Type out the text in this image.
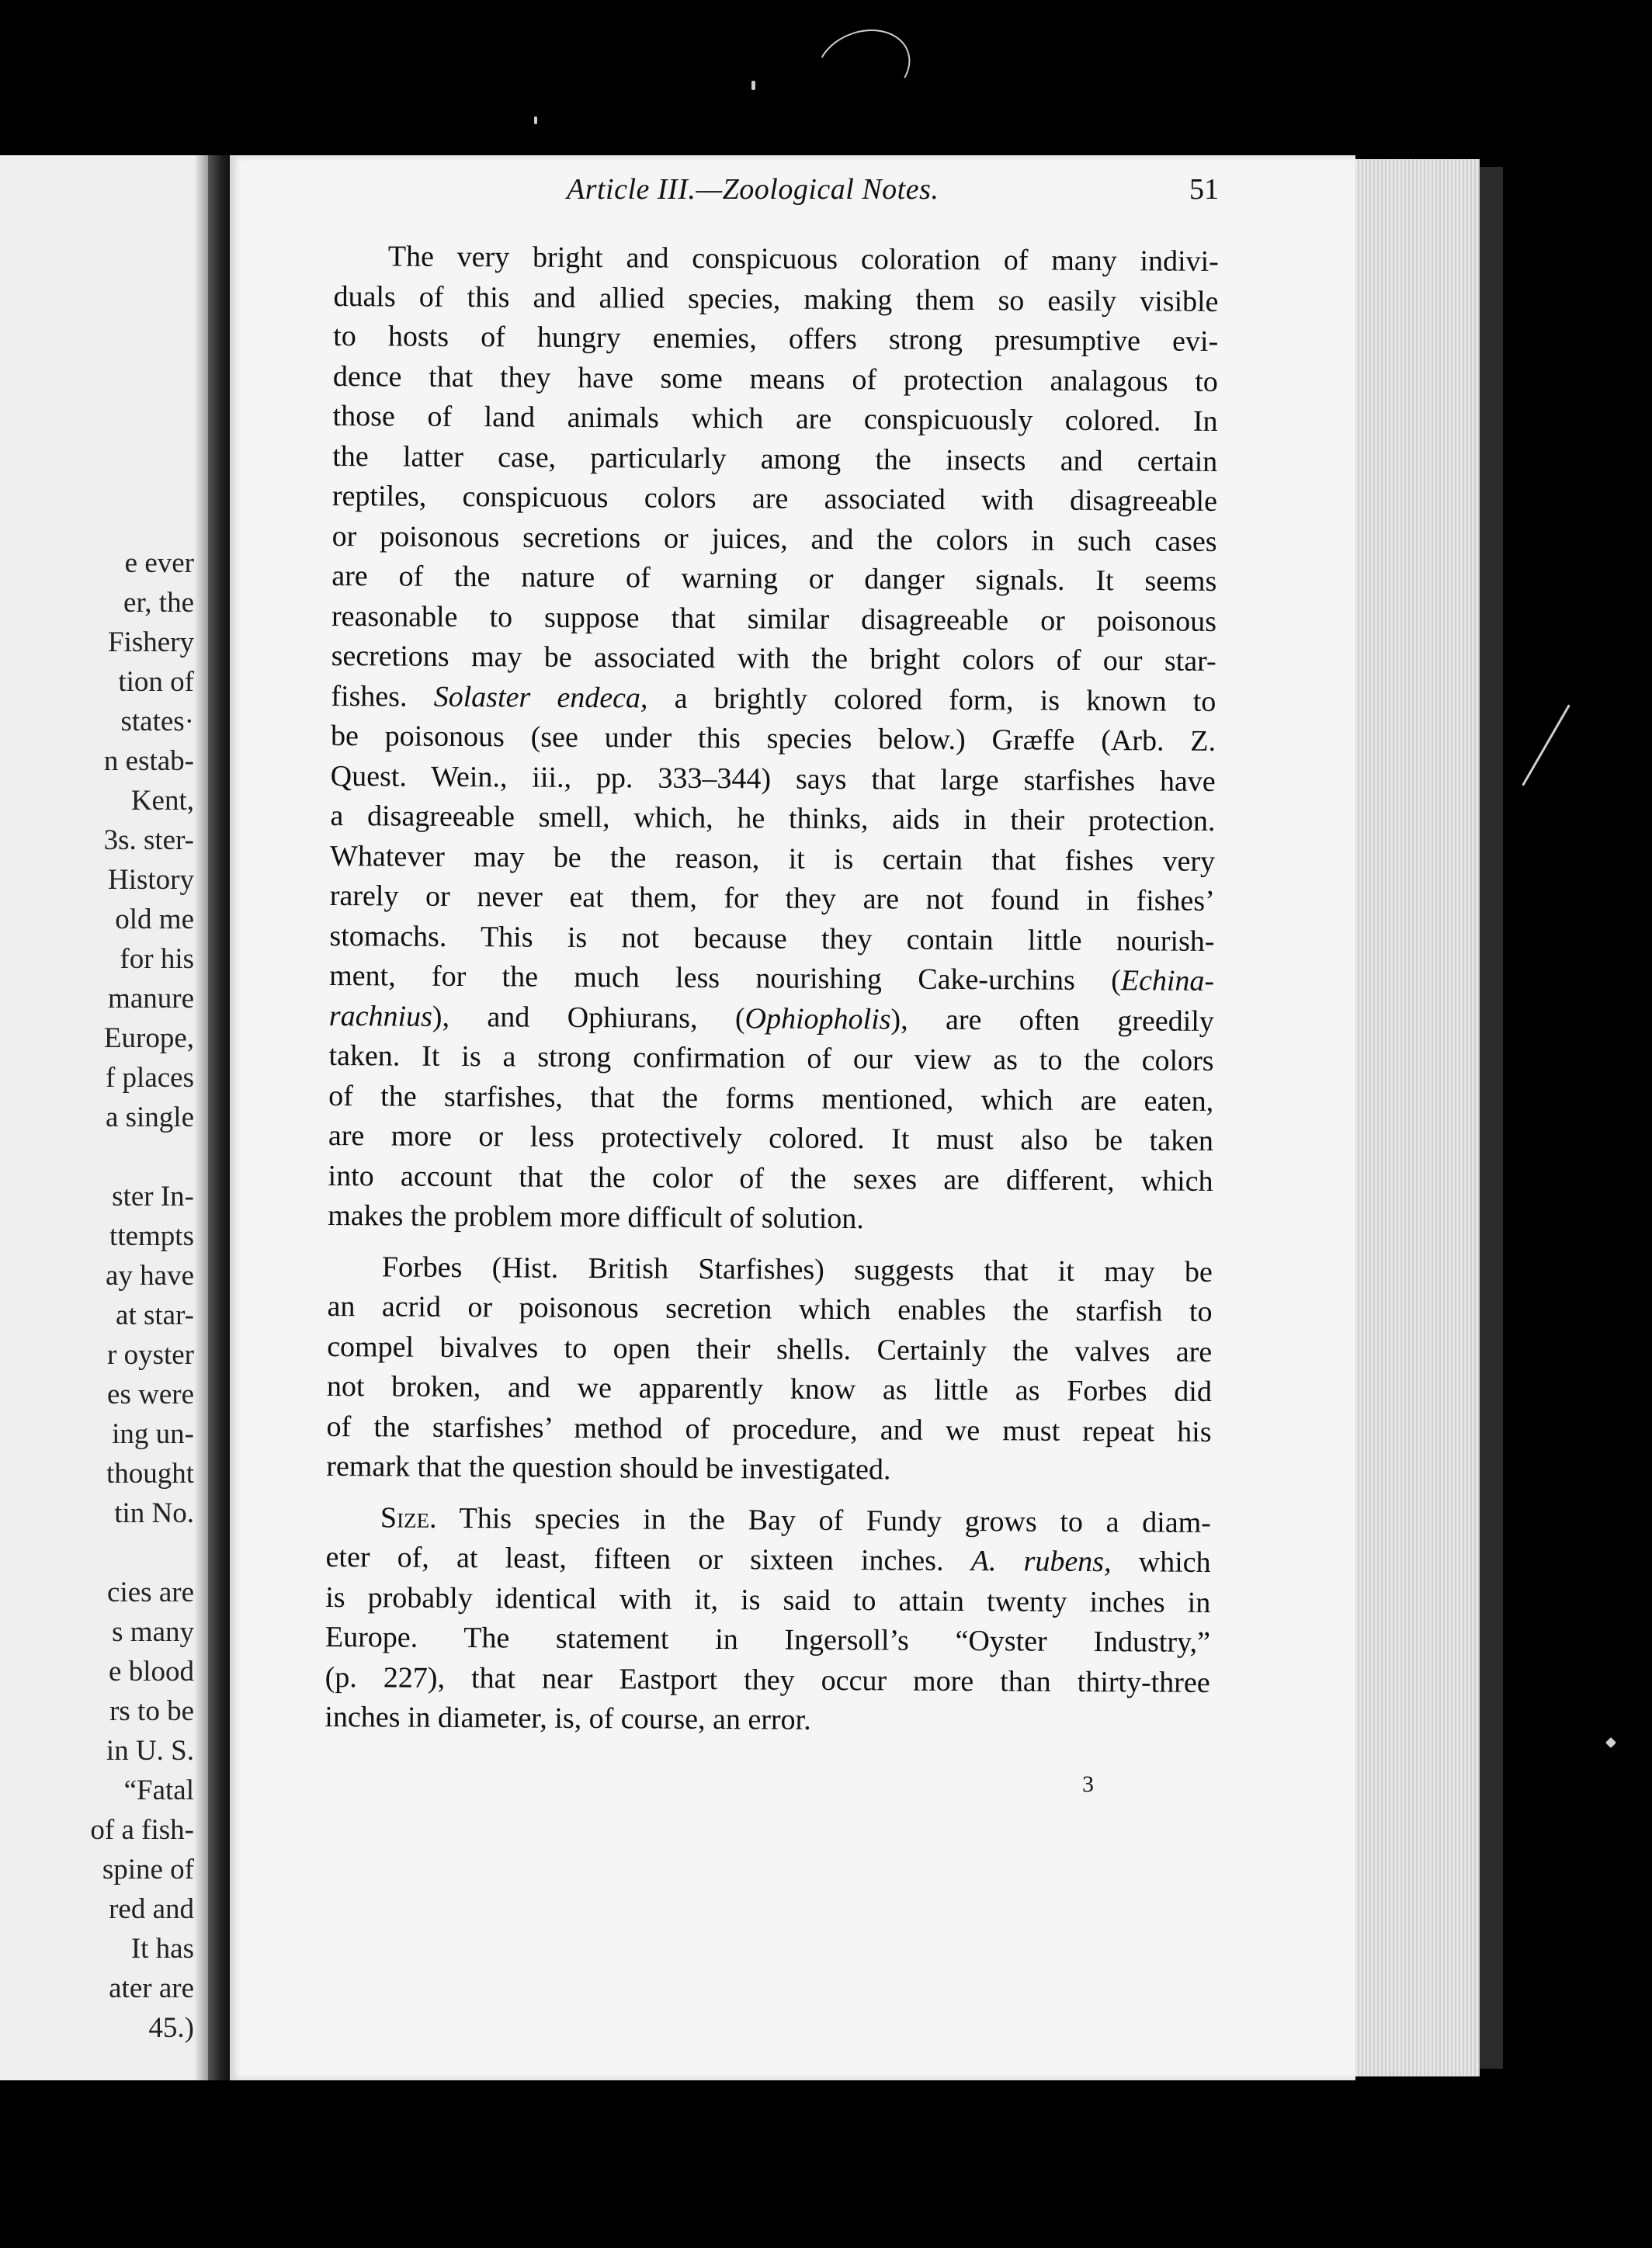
e ever
er, the
Fishery
tion of
states·
n estab-
Kent,
3s. ster-
History
old me
for his
manure
Europe,
f places
a single
ster In-
ttempts
ay have
at star-
r oyster
es were
ing un-
thought
tin No.
cies are
s many
e blood
rs to be
in U. S.
“Fatal
of a fish-
spine of
red and
It has
ater are
45.)
Article III.—Zoological Notes.	51
The very bright and conspicuous coloration of many indivi-
duals of this and allied species, making them so easily visible
to hosts of hungry enemies, offers strong presumptive evi-
dence that they have some means of protection analagous to
those of land animals which are conspicuously colored. In
the latter case, particularly among the insects and certain
reptiles, conspicuous colors are associated with disagreeable
or poisonous secretions or juices, and the colors in such cases
are of the nature of warning or danger signals. It seems
reasonable to suppose that similar disagreeable or poisonous
secretions may be associated with the bright colors of our star-
fishes. Solaster endeca, a brightly colored form, is known to
be poisonous (see under this species below.) Græffe (Arb. Z.
Quest. Wein., iii., pp. 333–344) says that large starfishes have
a disagreeable smell, which, he thinks, aids in their protection.
Whatever may be the reason, it is certain that fishes very
rarely or never eat them, for they are not found in fishes’
stomachs. This is not because they contain little nourish-
ment, for the much less nourishing Cake-urchins (Echina-
rachnius), and Ophiurans, (Ophiopholis), are often greedily
taken. It is a strong confirmation of our view as to the colors
of the starfishes, that the forms mentioned, which are eaten,
are more or less protectively colored. It must also be taken
into account that the color of the sexes are different, which
makes the problem more difficult of solution.
Forbes (Hist. British Starfishes) suggests that it may be
an acrid or poisonous secretion which enables the starfish to
compel bivalves to open their shells. Certainly the valves are
not broken, and we apparently know as little as Forbes did
of the starfishes’ method of procedure, and we must repeat his
remark that the question should be investigated.
Size. This species in the Bay of Fundy grows to a diam-
eter of, at least, fifteen or sixteen inches. A. rubens, which
is probably identical with it, is said to attain twenty inches in
Europe. The statement in Ingersoll’s “Oyster Industry,”
(p. 227), that near Eastport they occur more than thirty-three
inches in diameter, is, of course, an error.
3
